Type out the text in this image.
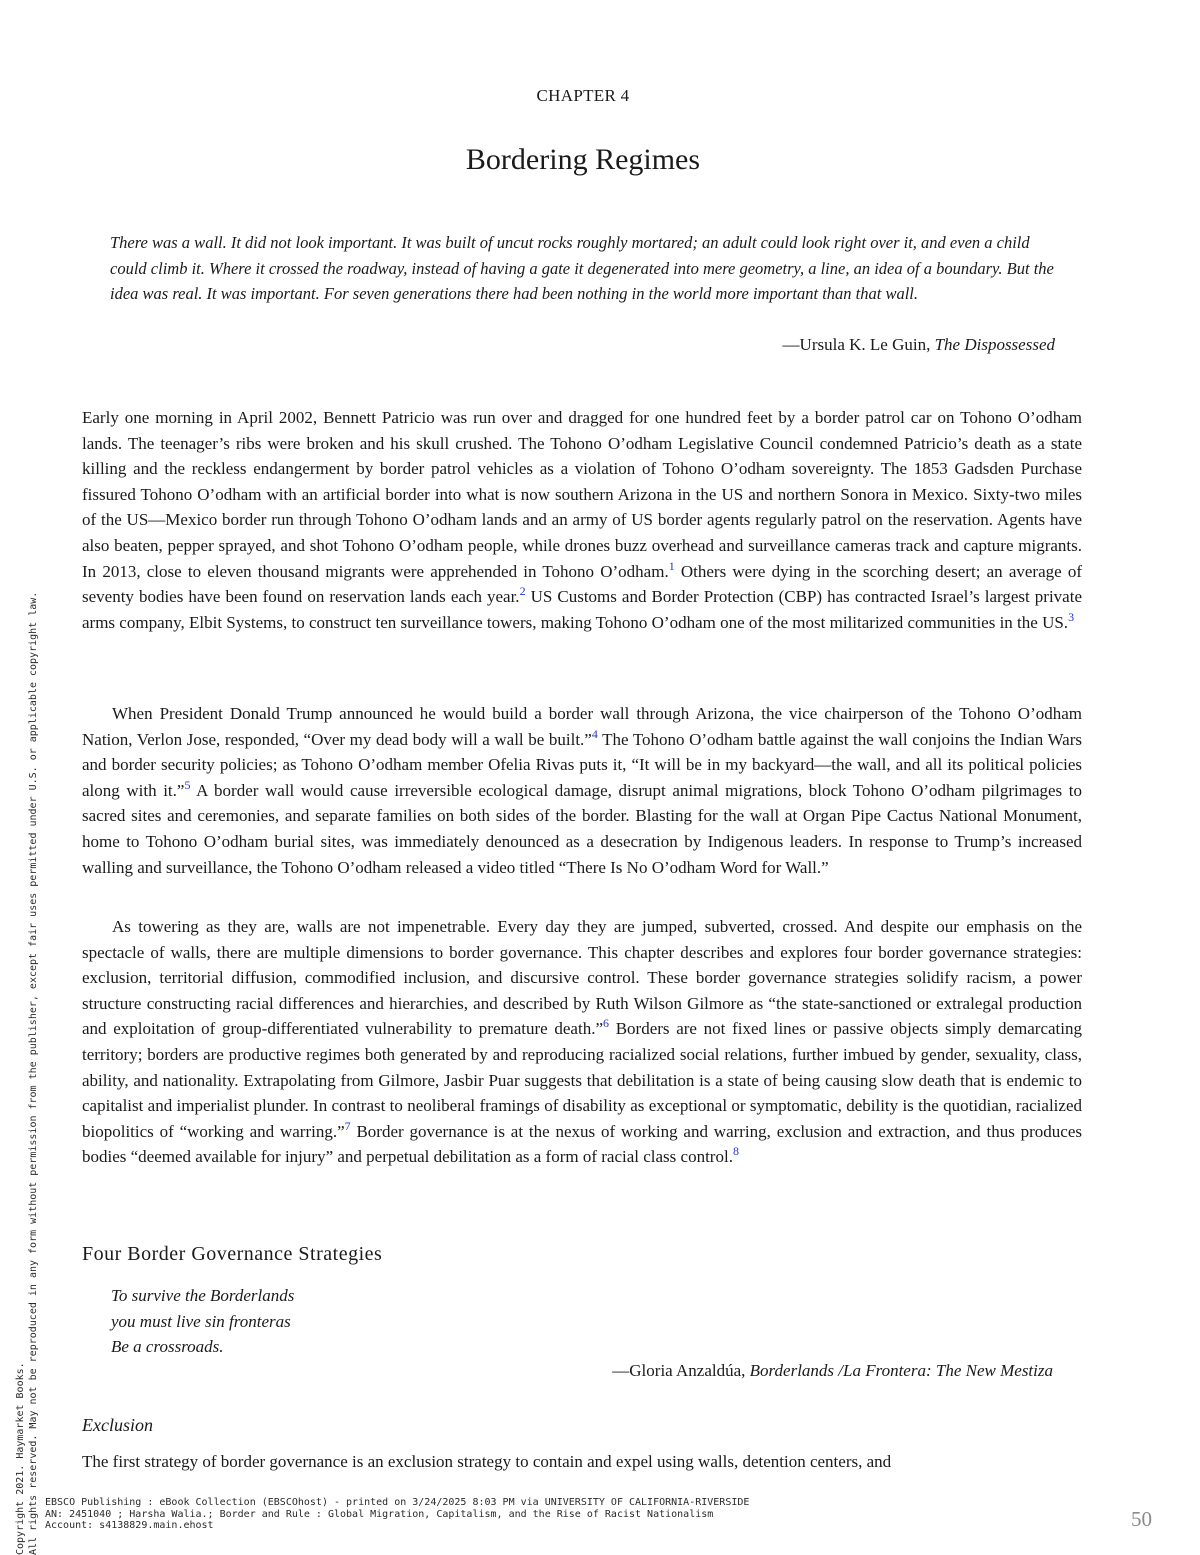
CHAPTER 4
Bordering Regimes

There was a wall. It did not look important. It was built of uncut rocks roughly mortared; an adult could look right over it, and even a child could climb it. Where it crossed the roadway, instead of having a gate it degenerated into mere geometry, a line, an idea of a boundary. But the idea was real. It was important. For seven generations there had been nothing in the world more important than that wall.

—Ursula K. Le Guin, The Dispossessed

Early one morning in April 2002, Bennett Patricio was run over and dragged for one hundred feet by a border patrol car on Tohono O’odham lands. The teenager’s ribs were broken and his skull crushed. The Tohono O’odham Legislative Council condemned Patricio’s death as a state killing and the reckless endangerment by border patrol vehicles as a violation of Tohono O’odham sovereignty. The 1853 Gadsden Purchase fissured Tohono O’odham with an artificial border into what is now southern Arizona in the US and northern Sonora in Mexico. Sixty-two miles of the US—Mexico border run through Tohono O’odham lands and an army of US border agents regularly patrol on the reservation. Agents have also beaten, pepper sprayed, and shot Tohono O’odham people, while drones buzz overhead and surveillance cameras track and capture migrants. In 2013, close to eleven thousand migrants were apprehended in Tohono O’odham.$^1$ Others were dying in the scorching desert; an average of seventy bodies have been found on reservation lands each year.$^2$ US Customs and Border Protection (CBP) has contracted Israel’s largest private arms company, Elbit Systems, to construct ten surveillance towers, making Tohono O’odham one of the most militarized communities in the US.$^3$

When President Donald Trump announced he would build a border wall through Arizona, the vice chairperson of the Tohono O’odham Nation, Verlon Jose, responded, “Over my dead body will a wall be built.”$^4$ The Tohono O’odham battle against the wall conjoins the Indian Wars and border security policies; as Tohono O’odham member Ofelia Rivas puts it, “It will be in my backyard—the wall, and all its political policies along with it.”$^5$ A border wall would cause irreversible ecological damage, disrupt animal migrations, block Tohono O’odham pilgrimages to sacred sites and ceremonies, and separate families on both sides of the border. Blasting for the wall at Organ Pipe Cactus National Monument, home to Tohono O’odham burial sites, was immediately denounced as a desecration by Indigenous leaders. In response to Trump’s increased walling and surveillance, the Tohono O’odham released a video titled “There Is No O’odham Word for Wall.”

As towering as they are, walls are not impenetrable. Every day they are jumped, subverted, crossed. And despite our emphasis on the spectacle of walls, there are multiple dimensions to border governance. This chapter describes and explores four border governance strategies: exclusion, territorial diffusion, commodified inclusion, and discursive control. These border governance strategies solidify racism, a power structure constructing racial differences and hierarchies, and described by Ruth Wilson Gilmore as “the state-sanctioned or extralegal production and exploitation of group-differentiated vulnerability to premature death.”$^6$ Borders are not fixed lines or passive objects simply demarcating territory; borders are productive regimes both generated by and reproducing racialized social relations, further imbued by gender, sexuality, class, ability, and nationality. Extrapolating from Gilmore, Jasbir Puar suggests that debilitation is a state of being causing slow death that is endemic to capitalist and imperialist plunder. In contrast to neoliberal framings of disability as exceptional or symptomatic, debility is the quotidian, racialized biopolitics of “working and warring.”$^7$ Border governance is at the nexus of working and warring, exclusion and extraction, and thus produces bodies “deemed available for injury” and perpetual debilitation as a form of racial class control.$^8$

Four Border Governance Strategies
To survive the Borderlands
you must live sin fronteras
Be a crossroads.
—Gloria Anzaldúa, Borderlands /La Frontera: The New Mestiza
Exclusion

The first strategy of border governance is an exclusion strategy to contain and expel using walls, detention centers, and

Copyright 2021. Haymarket Books. All rights reserved. May not be reproduced in any form without permission from the publisher, except fair uses permitted under U.S. or applicable copyright law. EBSCO Publishing : eBook Collection (EBSCOhost) - printed on 3/24/2025 8:03 PM via UNIVERSITY OF CALIFORNIA-RIVERSIDE
AN: 2451040 ; Harsha Walia.; Border and Rule : Global Migration, Capitalism, and the Rise of Racist Nationalism
Account: s4138829.main.ehost	50
